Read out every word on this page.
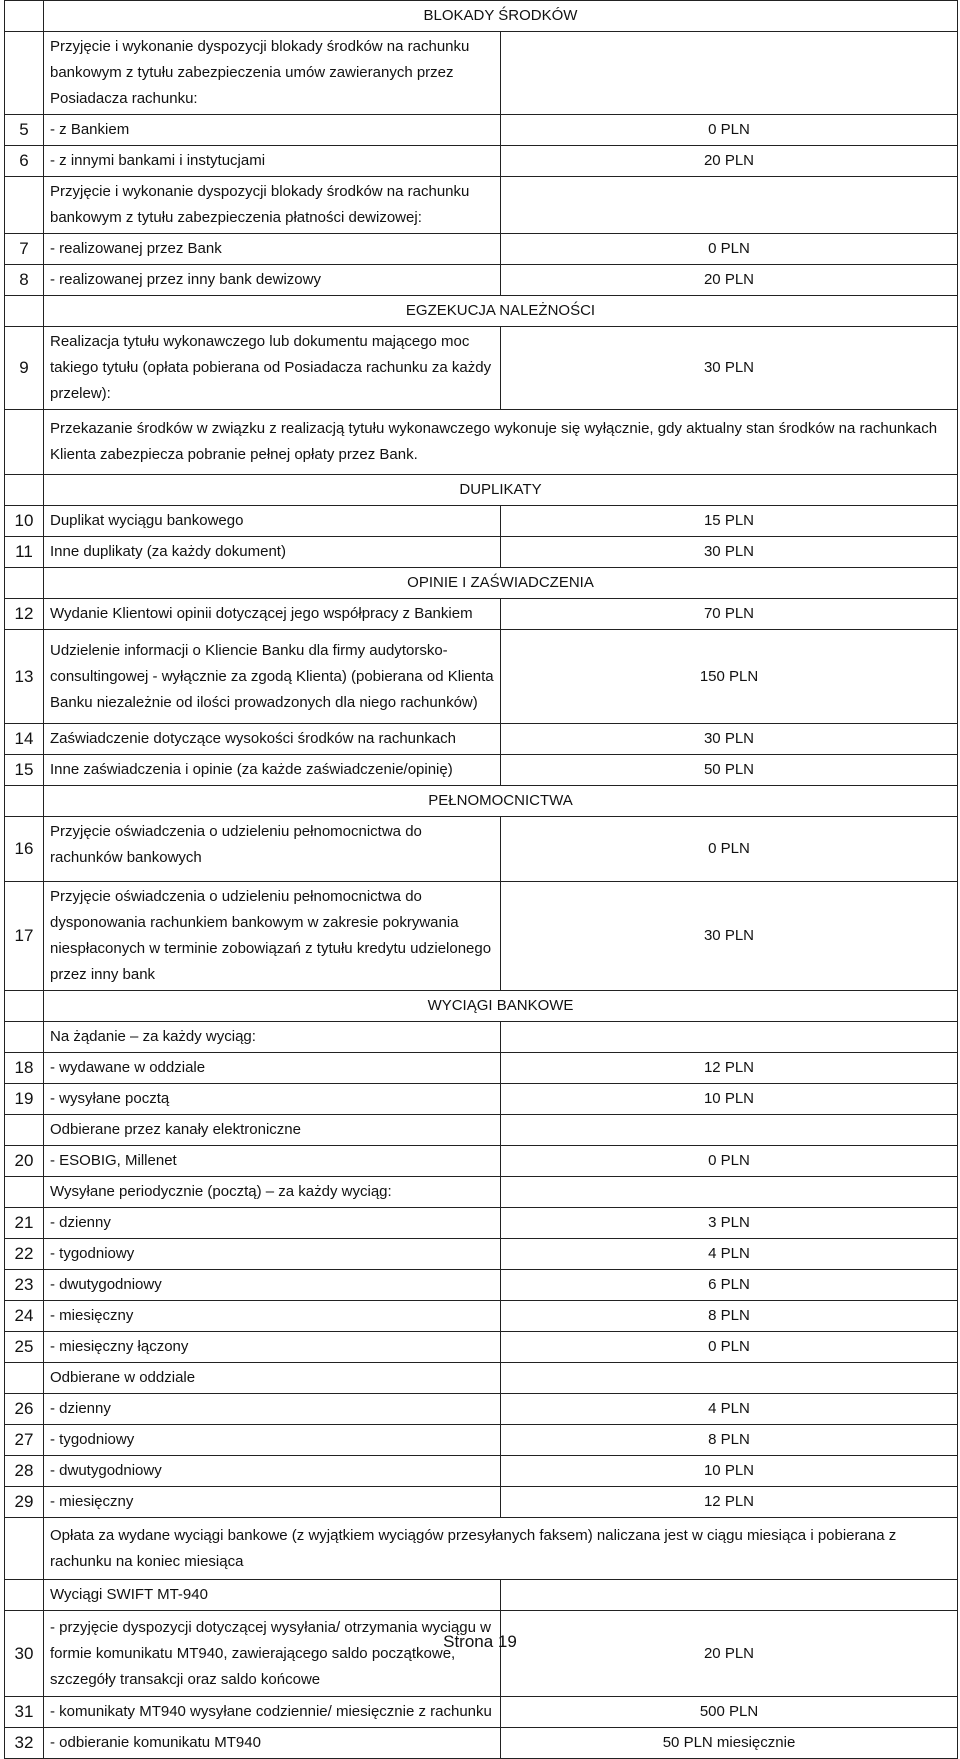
	BLOKADY ŚRODKÓW	
	Przyjęcie i wykonanie dyspozycji blokady środków na rachunku bankowym z tytułu zabezpieczenia umów zawieranych przez Posiadacza rachunku:	
5	- z Bankiem	0 PLN
6	- z innymi bankami i instytucjami	20 PLN
	Przyjęcie i wykonanie dyspozycji blokady środków na rachunku bankowym z tytułu zabezpieczenia płatności dewizowej:	
7	- realizowanej przez Bank	0 PLN
8	- realizowanej przez inny bank dewizowy	20 PLN
	EGZEKUCJA NALEŻNOŚCI	
9	Realizacja tytułu wykonawczego lub dokumentu mającego moc takiego tytułu (opłata pobierana od Posiadacza rachunku za każdy przelew):	30 PLN
	Przekazanie środków w związku z realizacją tytułu wykonawczego wykonuje się wyłącznie, gdy aktualny stan środków na rachunkach Klienta zabezpiecza pobranie pełnej opłaty przez Bank.	
	DUPLIKATY	
10	Duplikat wyciągu bankowego	15 PLN
11	Inne duplikaty (za każdy dokument)	30 PLN
	OPINIE I ZAŚWIADCZENIA	
12	Wydanie Klientowi opinii dotyczącej jego współpracy z Bankiem	70 PLN
13	Udzielenie informacji o Kliencie Banku dla firmy audytorsko-consultingowej - wyłącznie za zgodą Klienta) (pobierana od Klienta Banku niezależnie od ilości prowadzonych dla niego rachunków)	150 PLN
14	Zaświadczenie dotyczące wysokości środków na rachunkach	30 PLN
15	Inne zaświadczenia i opinie (za każde zaświadczenie/opinię)	50 PLN
	PEŁNOMOCNICTWA	
16	Przyjęcie oświadczenia o udzieleniu pełnomocnictwa do rachunków bankowych	0 PLN
17	Przyjęcie oświadczenia o udzieleniu pełnomocnictwa do dysponowania rachunkiem bankowym w zakresie pokrywania niespłaconych w terminie zobowiązań z tytułu kredytu udzielonego przez inny bank	30 PLN
	WYCIĄGI BANKOWE	
	Na żądanie – za każdy wyciąg:	
18	- wydawane w oddziale	12 PLN
19	- wysyłane pocztą	10 PLN
	Odbierane przez kanały elektroniczne	
20	- ESOBIG, Millenet	0 PLN
	Wysyłane periodycznie (pocztą) – za każdy wyciąg:	
21	- dzienny	3 PLN
22	- tygodniowy	4 PLN
23	- dwutygodniowy	6 PLN
24	- miesięczny	8 PLN
25	- miesięczny łączony	0 PLN
	Odbierane w oddziale	
26	- dzienny	4 PLN
27	- tygodniowy	8 PLN
28	- dwutygodniowy	10 PLN
29	- miesięczny	12 PLN
	Opłata za wydane wyciągi bankowe (z wyjątkiem wyciągów przesyłanych faksem) naliczana jest w ciągu miesiąca i pobierana z rachunku na koniec miesiąca	
	Wyciągi SWIFT MT-940	
30	- przyjęcie dyspozycji dotyczącej wysyłania/ otrzymania wyciągu w formie komunikatu MT940, zawierającego saldo początkowe, szczegóły transakcji oraz saldo końcowe	20 PLN
31	- komunikaty MT940 wysyłane codziennie/ miesięcznie z rachunku	500 PLN
32	- odbieranie komunikatu MT940	50 PLN miesięcznie
Strona 19
